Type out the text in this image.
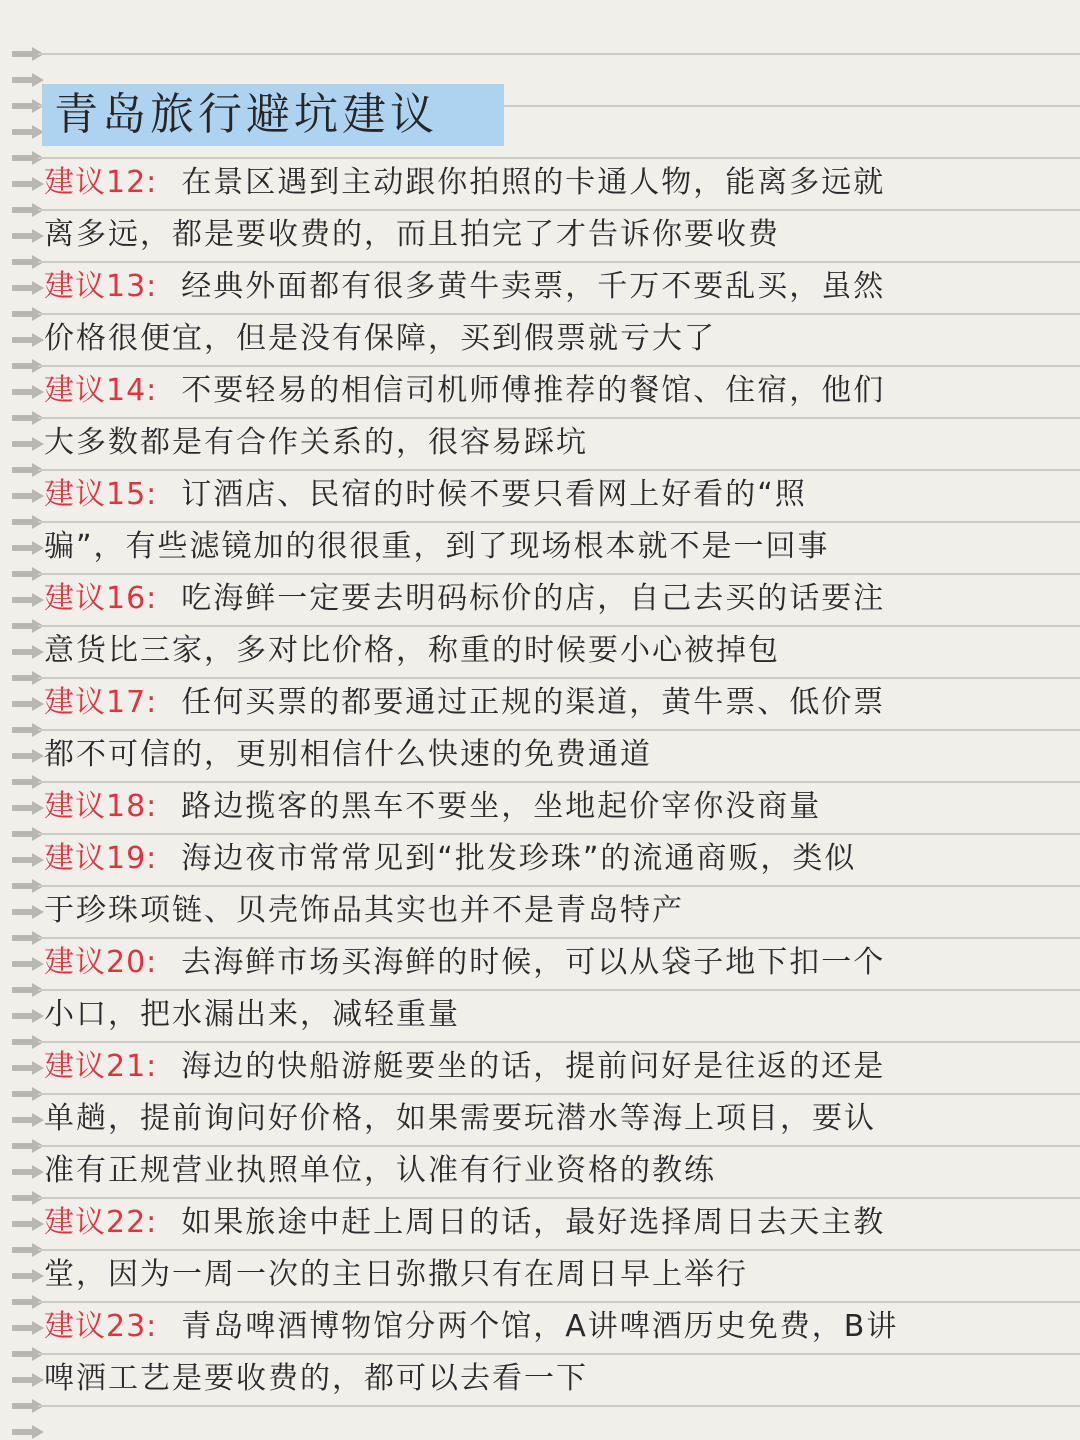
青岛旅行避坑建议
建议12: 在景区遇到主动跟你拍照的卡通人物，能离多远就
离多远，都是要收费的，而且拍完了才告诉你要收费
建议13: 经典外面都有很多黄牛卖票，千万不要乱买，虽然
价格很便宜，但是没有保障，买到假票就亏大了
建议14: 不要轻易的相信司机师傅推荐的餐馆、住宿，他们
大多数都是有合作关系的，很容易踩坑
建议15: 订酒店、民宿的时候不要只看网上好看的“照
骗”，有些滤镜加的很很重，到了现场根本就不是一回事
建议16: 吃海鲜一定要去明码标价的店，自己去买的话要注
意货比三家，多对比价格，称重的时候要小心被掉包
建议17: 任何买票的都要通过正规的渠道，黄牛票、低价票
都不可信的，更别相信什么快速的免费通道
建议18: 路边揽客的黑车不要坐，坐地起价宰你没商量
建议19: 海边夜市常常见到“批发珍珠”的流通商贩，类似
于珍珠项链、贝壳饰品其实也并不是青岛特产
建议20: 去海鲜市场买海鲜的时候，可以从袋子地下扣一个
小口，把水漏出来，减轻重量
建议21: 海边的快船游艇要坐的话，提前问好是往返的还是
单趟，提前询问好价格，如果需要玩潜水等海上项目，要认
准有正规营业执照单位，认准有行业资格的教练
建议22: 如果旅途中赶上周日的话，最好选择周日去天主教
堂，因为一周一次的主日弥撒只有在周日早上举行
建议23: 青岛啤酒博物馆分两个馆，A讲啤酒历史免费，B讲
啤酒工艺是要收费的，都可以去看一下
